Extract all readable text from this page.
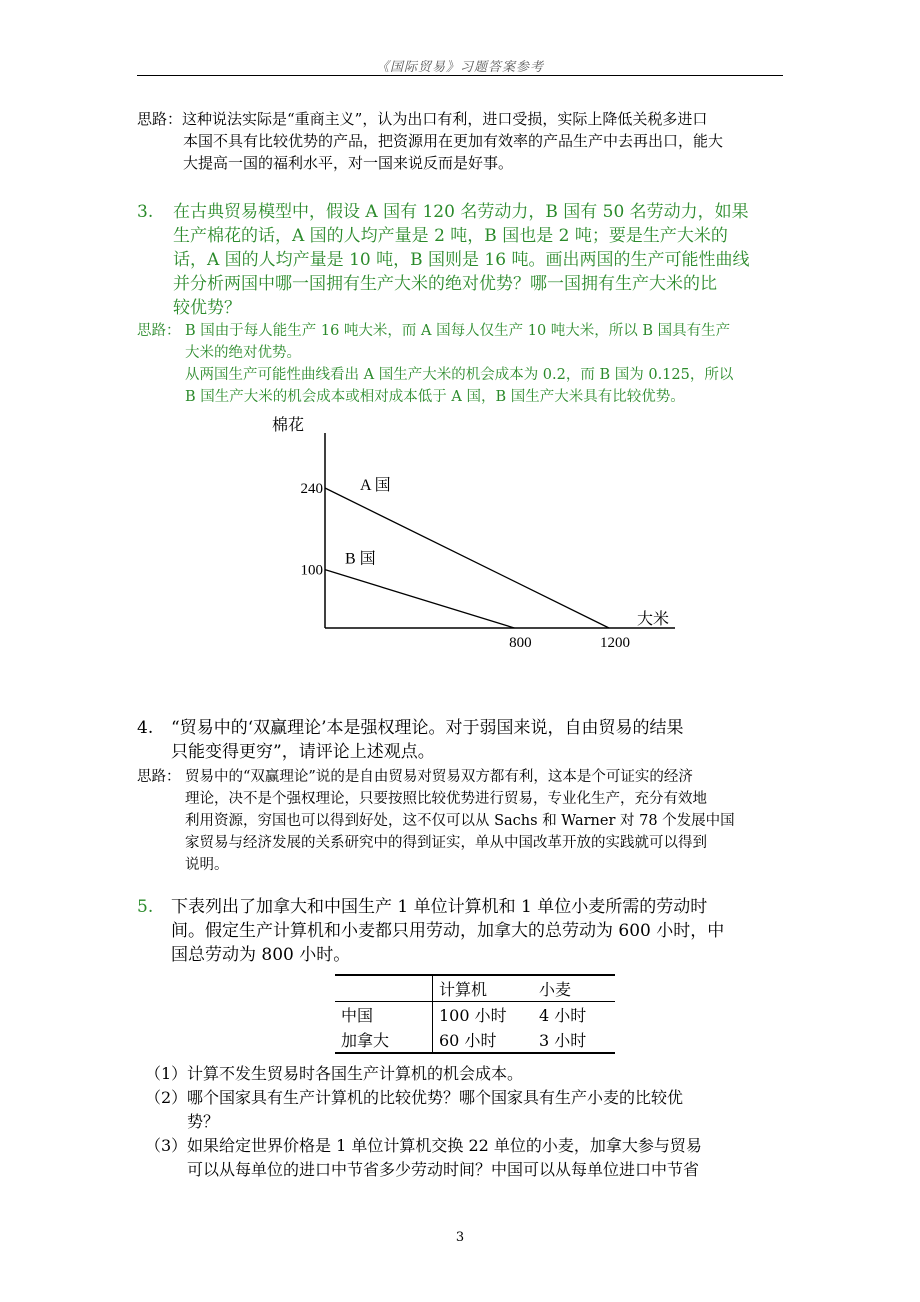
《国际贸易》习题答案参考
思路：这种说法实际是“重商主义”，认为出口有利，进口受损，实际上降低关税多进口
本国不具有比较优势的产品，把资源用在更加有效率的产品生产中去再出口，能大
大提高一国的福利水平，对一国来说反而是好事。
3. 在古典贸易模型中，假设 A 国有 120 名劳动力，B 国有 50 名劳动力，如果
生产棉花的话，A 国的人均产量是 2 吨，B 国也是 2 吨；要是生产大米的
话，A 国的人均产量是 10 吨，B 国则是 16 吨。画出两国的生产可能性曲线
并分析两国中哪一国拥有生产大米的绝对优势？哪一国拥有生产大米的比
较优势？
思路： B 国由于每人能生产 16 吨大米，而 A 国每人仅生产 10 吨大米，所以 B 国具有生产
大米的绝对优势。
从两国生产可能性曲线看出 A 国生产大米的机会成本为 0.2，而 B 国为 0.125，所以
B 国生产大米的机会成本或相对成本低于 A 国，B 国生产大米具有比较优势。
棉花
大米
A 国
B 国
240
100
800	1200
4. “贸易中的‘双赢理论’本是强权理论。对于弱国来说，自由贸易的结果
只能变得更穷”，请评论上述观点。
思路： 贸易中的“双赢理论”说的是自由贸易对贸易双方都有利，这本是个可证实的经济
理论，决不是个强权理论，只要按照比较优势进行贸易，专业化生产，充分有效地
利用资源，穷国也可以得到好处，这不仅可以从 Sachs 和 Warner 对 78 个发展中国
家贸易与经济发展的关系研究中的得到证实，单从中国改革开放的实践就可以得到
说明。
5. 下表列出了加拿大和中国生产 1 单位计算机和 1 单位小麦所需的劳动时
间。假定生产计算机和小麦都只用劳动，加拿大的总劳动为 600 小时，中
国总劳动为 800 小时。
	计算机	小麦
中国	100 小时	4 小时
加拿大	60 小时	3 小时
（1） 计算不发生贸易时各国生产计算机的机会成本。
（2） 哪个国家具有生产计算机的比较优势？哪个国家具有生产小麦的比较优
势？
（3） 如果给定世界价格是 1 单位计算机交换 22 单位的小麦，加拿大参与贸易
可以从每单位的进口中节省多少劳动时间？中国可以从每单位进口中节省
3
